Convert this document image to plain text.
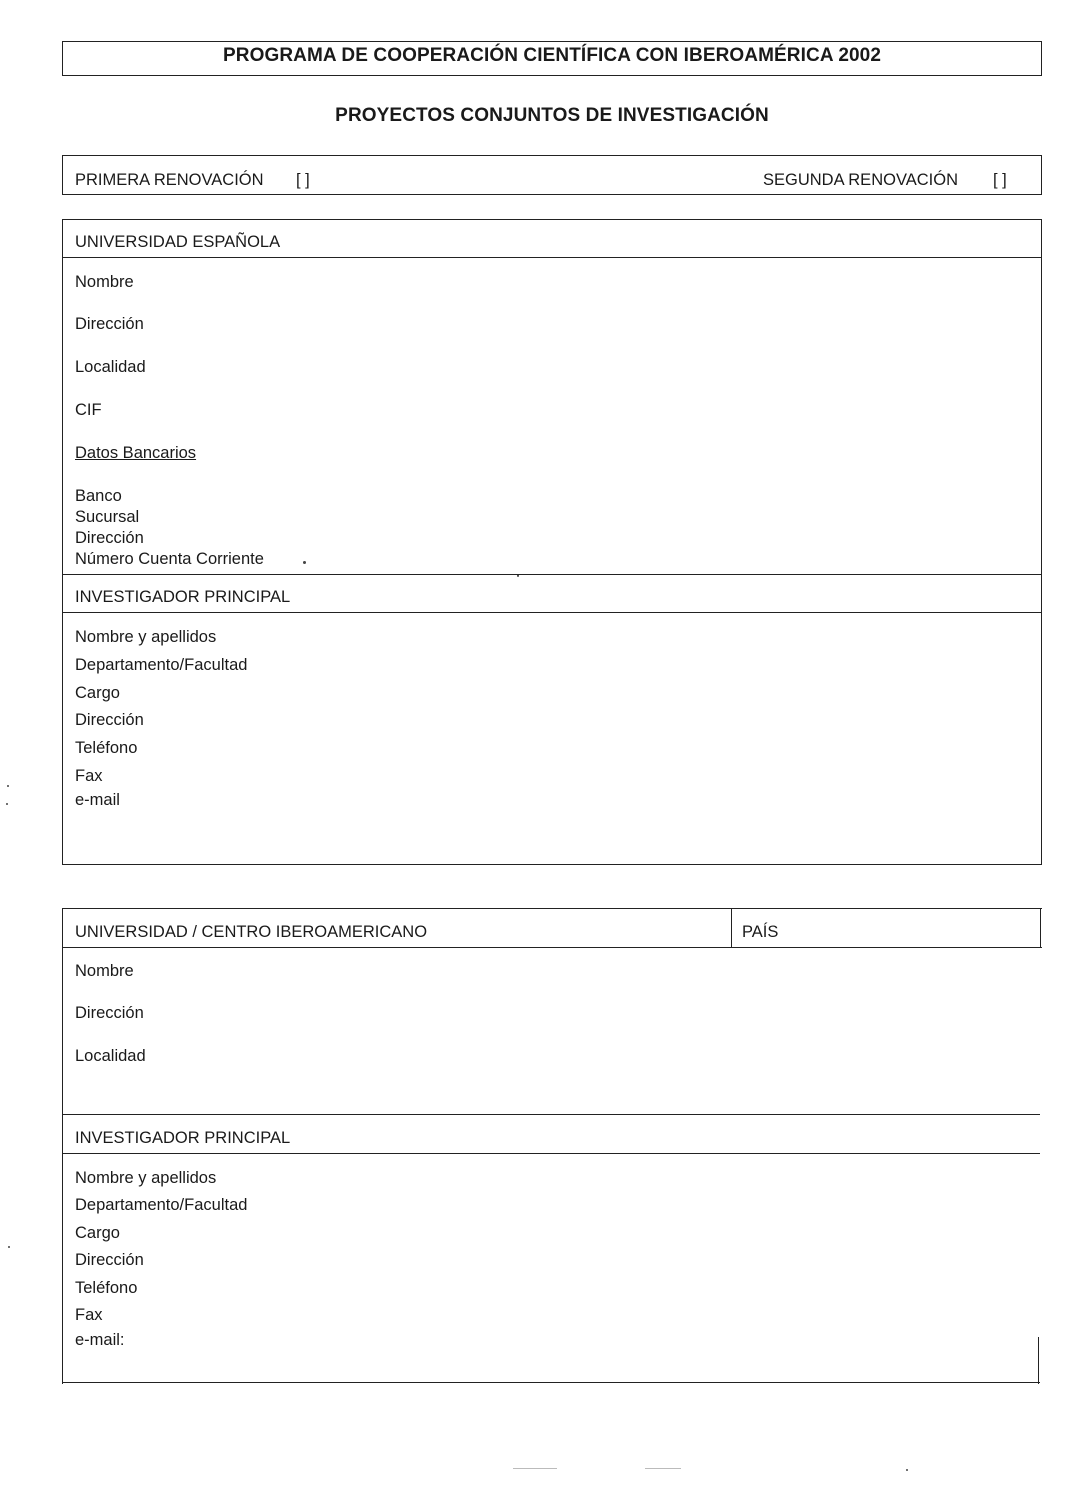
PROGRAMA DE COOPERACIÓN CIENTÍFICA CON IBEROAMÉRICA 2002
PROYECTOS CONJUNTOS DE INVESTIGACIÓN
PRIMERA RENOVACIÓN [ ]	SEGUNDA RENOVACIÓN [ ]
UNIVERSIDAD ESPAÑOLA
Nombre
Dirección
Localidad
CIF
Datos Bancarios
Banco
Sucursal
Dirección
Número Cuenta Corriente
INVESTIGADOR PRINCIPAL
Nombre y apellidos
Departamento/Facultad
Cargo
Dirección
Teléfono
Fax
e-mail
UNIVERSIDAD / CENTRO IBEROAMERICANO	PAÍS
Nombre
Dirección
Localidad
INVESTIGADOR PRINCIPAL
Nombre y apellidos
Departamento/Facultad
Cargo
Dirección
Teléfono
Fax
e-mail:
